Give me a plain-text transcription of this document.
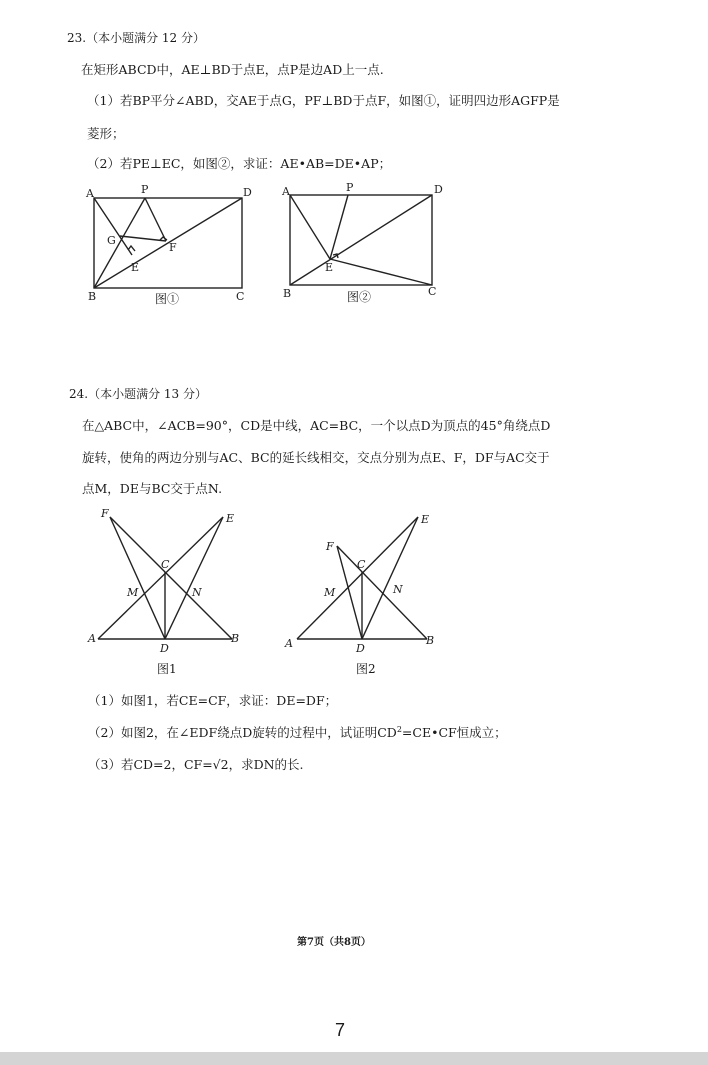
23.（本小题满分 12 分）
在矩形ABCD中，AE⊥BD于点E，点P是边AD上一点.
（1）若BP平分∠ABD，交AE于点G，PF⊥BD于点F，如图①，证明四边形AGFP是
菱形；
（2）若PE⊥EC，如图②，求证：AE•AB=DE•AP；
A	P	D
G
F
E
B	C
A	P	D
E
B	C
F	E
C
M	N
A
D
B
F
E
C
M	N
A	D
B
图①	图②
24.（本小题满分 13 分）
在△ABC中，∠ACB=90°，CD是中线，AC=BC，一个以点D为顶点的45°角绕点D
旋转，使角的两边分别与AC、BC的延长线相交，交点分别为点E、F，DF与AC交于
点M，DE与BC交于点N.
图1	图2
（1）如图1，若CE=CF，求证：DE=DF；
（2）如图2，在∠EDF绕点D旋转的过程中，试证明$CD^2=CE•CF$恒成立；
（3）若CD=2，CF=√2，求DN的长.
第7页（共8页）
7
